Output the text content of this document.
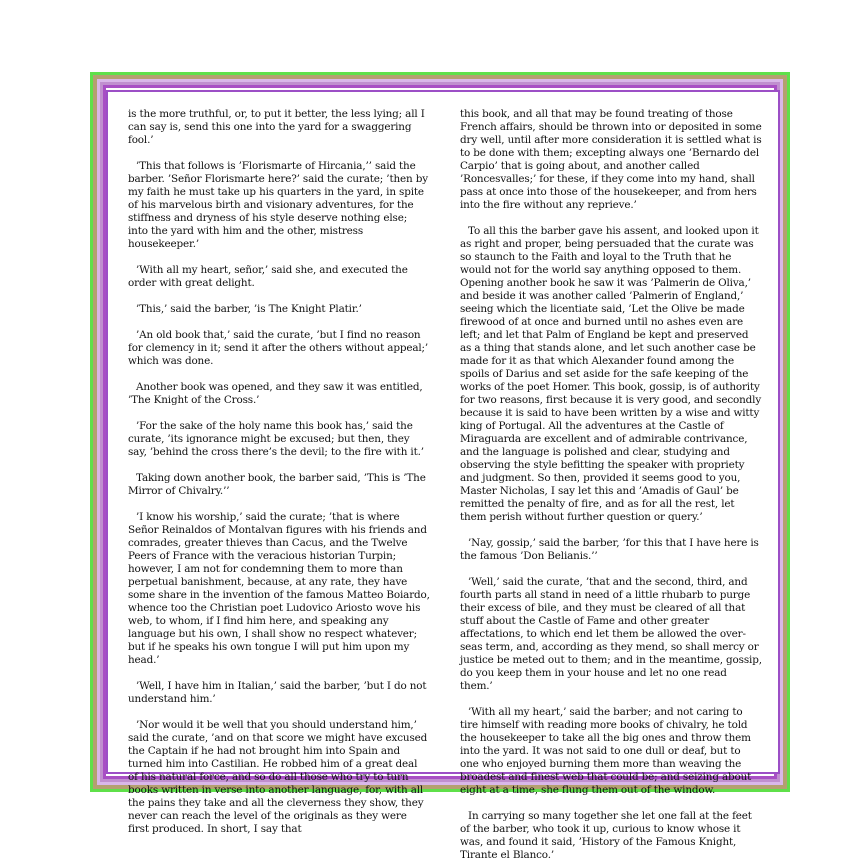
is the more truthful, or, to put it better, the less lying; all I can say is, send this one into the yard for a swaggering fool.’

’This that follows is ’Florismarte of Hircania,’’ said the barber. ’Señor Florismarte here?’ said the curate; ’then by my faith he must take up his quarters in the yard, in spite of his marvelous birth and visionary adventures, for the stiffness and dryness of his style deserve nothing else; into the yard with him and the other, mistress housekeeper.’

’With all my heart, señor,’ said she, and executed the order with great delight.

’This,’ said the barber, ’is The Knight Platir.’

’An old book that,’ said the curate, ’but I find no reason for clemency in it; send it after the others without appeal;’ which was done.

Another book was opened, and they saw it was entitled, ’The Knight of the Cross.’

’For the sake of the holy name this book has,’ said the curate, ’its ignorance might be excused; but then, they say, ’behind the cross there’s the devil; to the fire with it.’

Taking down another book, the barber said, ’This is ’The Mirror of Chivalry.’’

’I know his worship,’ said the curate; ’that is where Señor Reinaldos of Montalvan figures with his friends and comrades, greater thieves than Cacus, and the Twelve Peers of France with the veracious historian Turpin; however, I am not for condemning them to more than perpetual banishment, because, at any rate, they have some share in the invention of the famous Matteo Boiardo, whence too the Christian poet Ludovico Ariosto wove his web, to whom, if I find him here, and speaking any language but his own, I shall show no respect whatever; but if he speaks his own tongue I will put him upon my head.’

’Well, I have him in Italian,’ said the barber, ’but I do not understand him.’

’Nor would it be well that you should understand him,’ said the curate, ’and on that score we might have excused the Captain if he had not brought him into Spain and turned him into Castilian. He robbed him of a great deal of his natural force, and so do all those who try to turn books written in verse into another language, for, with all the pains they take and all the cleverness they show, they never can reach the level of the originals as they were first produced. In short, I say that

this book, and all that may be found treating of those French affairs, should be thrown into or deposited in some dry well, until after more consideration it is settled what is to be done with them; excepting always one ’Bernardo del Carpio’ that is going about, and another called ’Roncesvalles;’ for these, if they come into my hand, shall pass at once into those of the housekeeper, and from hers into the fire without any reprieve.’

To all this the barber gave his assent, and looked upon it as right and proper, being persuaded that the curate was so staunch to the Faith and loyal to the Truth that he would not for the world say anything opposed to them. Opening another book he saw it was ’Palmerin de Oliva,’ and beside it was another called ’Palmerin of England,’ seeing which the licentiate said, ’Let the Olive be made firewood of at once and burned until no ashes even are left; and let that Palm of England be kept and preserved as a thing that stands alone, and let such another case be made for it as that which Alexander found among the spoils of Darius and set aside for the safe keeping of the works of the poet Homer. This book, gossip, is of authority for two reasons, first because it is very good, and secondly because it is said to have been written by a wise and witty king of Portugal. All the adventures at the Castle of Miraguarda are excellent and of admirable contrivance, and the language is polished and clear, studying and observing the style befitting the speaker with propriety and judgment. So then, provided it seems good to you, Master Nicholas, I say let this and ’Amadis of Gaul’ be remitted the penalty of fire, and as for all the rest, let them perish without further question or query.’

’Nay, gossip,’ said the barber, ’for this that I have here is the famous ’Don Belianis.’’

’Well,’ said the curate, ’that and the second, third, and fourth parts all stand in need of a little rhubarb to purge their excess of bile, and they must be cleared of all that stuff about the Castle of Fame and other greater affectations, to which end let them be allowed the over-seas term, and, according as they mend, so shall mercy or justice be meted out to them; and in the meantime, gossip, do you keep them in your house and let no one read them.’

’With all my heart,’ said the barber; and not caring to tire himself with reading more books of chivalry, he told the housekeeper to take all the big ones and throw them into the yard. It was not said to one dull or deaf, but to one who enjoyed burning them more than weaving the broadest and finest web that could be; and seizing about eight at a time, she flung them out of the window.

In carrying so many together she let one fall at the feet of the barber, who took it up, curious to know whose it was, and found it said, ’History of the Famous Knight, Tirante el Blanco.’
